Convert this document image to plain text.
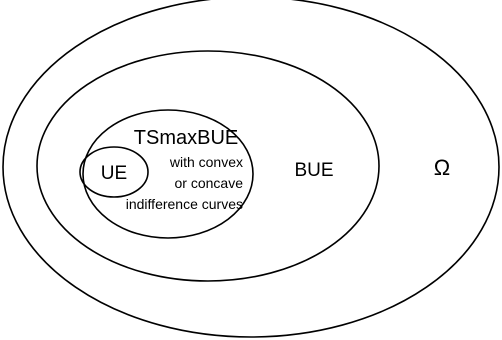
Ω
BUE
TSmaxBUE
with convex
or concave
indifference curves
UE
